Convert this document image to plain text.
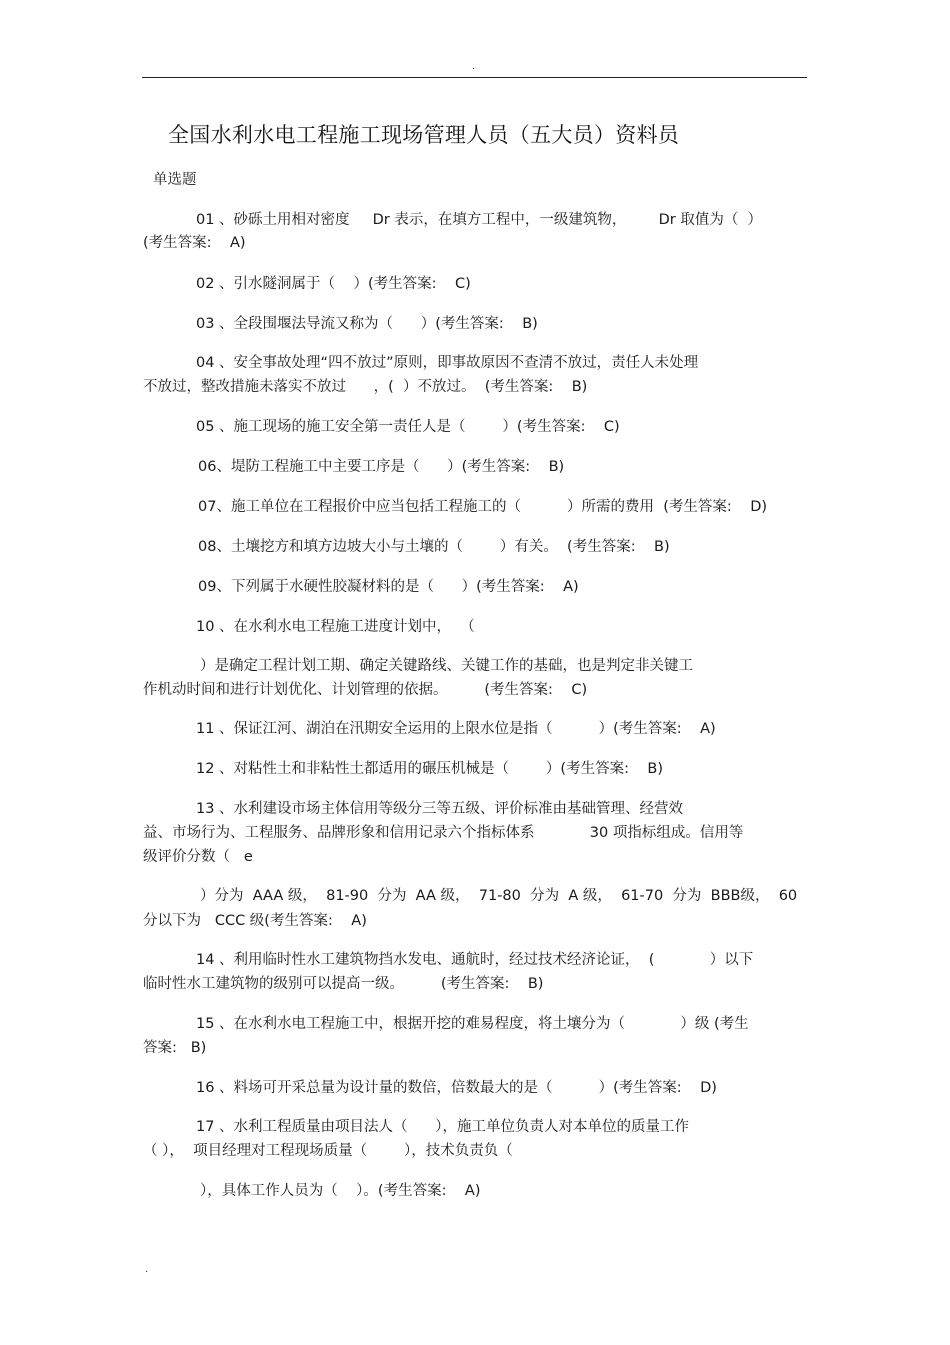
.
全国水利水电工程施工现场管理人员（五大员）资料员
单选题
01 、砂砾土用相对密度     Dr 表示，在填方工程中，一级建筑物，       Dr 取值为（  ）
(考生答案:    A)
02 、引水隧洞属于（    ）(考生答案:    C)
03 、全段围堰法导流又称为（      ）(考生答案:    B)
04 、安全事故处理“四不放过”原则，即事故原因不查清不放过，责任人未处理
不放过，整改措施未落实不放过      ，(  ）不放过。  (考生答案:    B)
05 、施工现场的施工安全第一责任人是（        ）(考生答案:    C)
06、堤防工程施工中主要工序是（      ）(考生答案:    B)
07、施工单位在工程报价中应当包括工程施工的（          ）所需的费用  (考生答案:    D)
08、土壤挖方和填方边坡大小与土壤的（        ）有关。  (考生答案:    B)
09、下列属于水硬性胶凝材料的是（      ）(考生答案:    A)
10 、在水利水电工程施工进度计划中，  （
）是确定工程计划工期、确定关键路线、关键工作的基础，也是判定非关键工
作机动时间和进行计划优化、计划管理的依据。        (考生答案:    C)
11 、保证江河、湖泊在汛期安全运用的上限水位是指（          ）(考生答案:    A)
12 、对粘性土和非粘性土都适用的碾压机械是（        ）(考生答案:    B)
13 、水利建设市场主体信用等级分三等五级、评价标准由基础管理、经营效
益、市场行为、工程服务、品牌形象和信用记录六个指标体系            30 项指标组成。信用等
级评价分数（   e
）分为  AAA 级，  81-90  分为  AA 级，  71-80  分为  A 级，  61-70  分为  BBB级，  60
分以下为   CCC 级(考生答案:    A)
14 、利用临时性水工建筑物挡水发电、通航时，经过技术经济论证，  (            ）以下
临时性水工建筑物的级别可以提高一级。        (考生答案:    B)
15 、在水利水电工程施工中，根据开挖的难易程度，将土壤分为（            ）级 (考生
答案:   B)
16 、料场可开采总量为设计量的数倍，倍数最大的是（          ）(考生答案:    D)
17 、水利工程质量由项目法人（      ），施工单位负责人对本单位的质量工作
（ ），  项目经理对工程现场质量（        ），技术负责负（
），具体工作人员为（    ）。(考生答案:    A)
.
